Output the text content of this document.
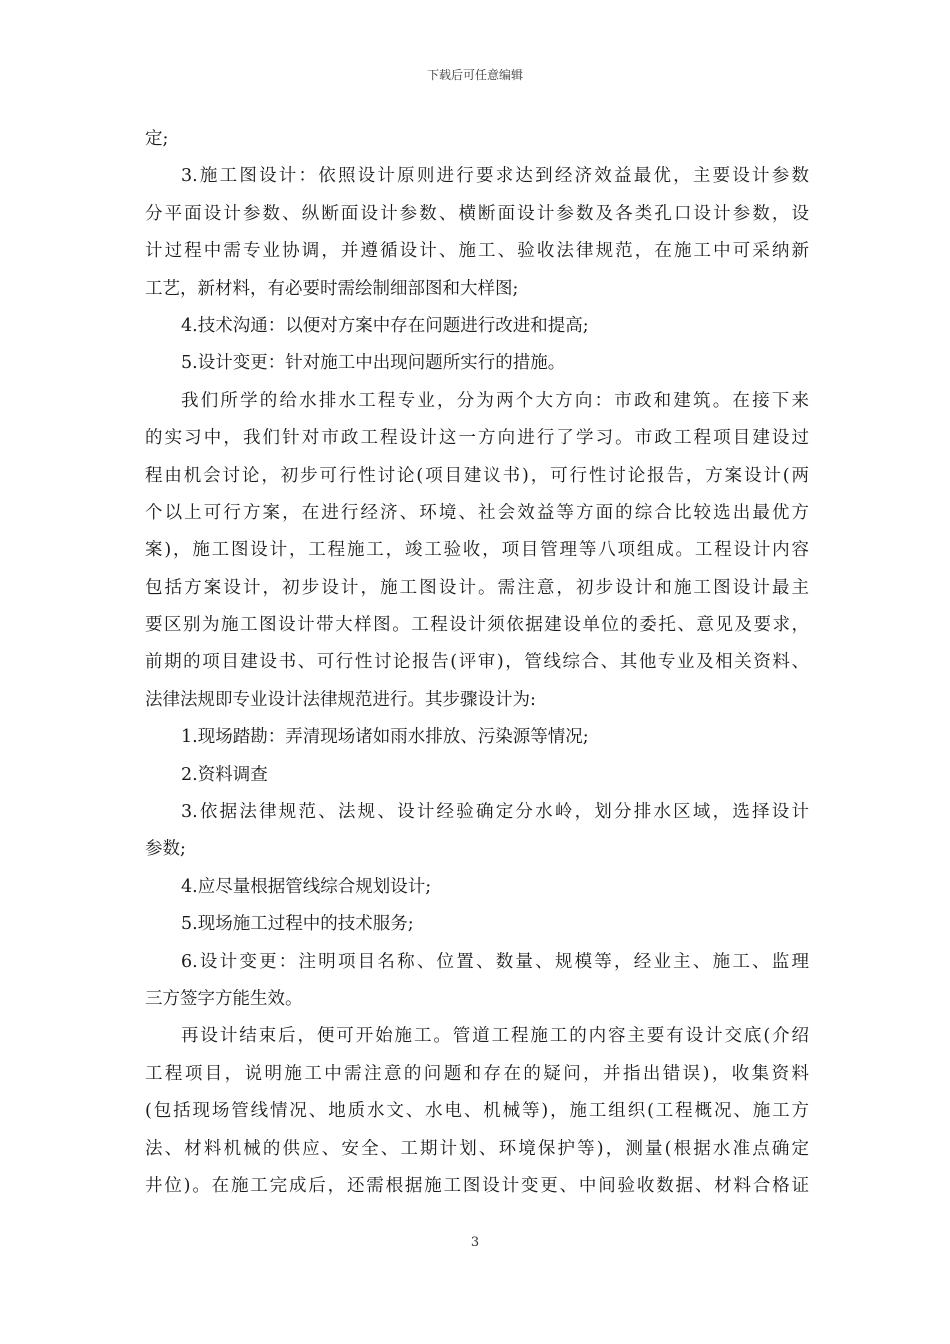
下载后可任意编辑
定;
3.施工图设计：依照设计原则进行要求达到经济效益最优，主要设计参数
分平面设计参数、纵断面设计参数、横断面设计参数及各类孔口设计参数，设
计过程中需专业协调，并遵循设计、施工、验收法律规范，在施工中可采纳新
工艺，新材料，有必要时需绘制细部图和大样图;
4.技术沟通：以便对方案中存在问题进行改进和提高;
5.设计变更：针对施工中出现问题所实行的措施。
我们所学的给水排水工程专业，分为两个大方向：市政和建筑。在接下来
的实习中，我们针对市政工程设计这一方向进行了学习。市政工程项目建设过
程由机会讨论，初步可行性讨论(项目建议书)，可行性讨论报告，方案设计(两
个以上可行方案，在进行经济、环境、社会效益等方面的综合比较选出最优方
案)，施工图设计，工程施工，竣工验收，项目管理等八项组成。工程设计内容
包括方案设计，初步设计，施工图设计。需注意，初步设计和施工图设计最主
要区别为施工图设计带大样图。工程设计须依据建设单位的委托、意见及要求，
前期的项目建设书、可行性讨论报告(评审)，管线综合、其他专业及相关资料、
法律法规即专业设计法律规范进行。其步骤设计为:
1.现场踏勘：弄清现场诸如雨水排放、污染源等情况;
2.资料调查
3.依据法律规范、法规、设计经验确定分水岭，划分排水区域，选择设计
参数;
4.应尽量根据管线综合规划设计;
5.现场施工过程中的技术服务;
6.设计变更：注明项目名称、位置、数量、规模等，经业主、施工、监理
三方签字方能生效。
再设计结束后，便可开始施工。管道工程施工的内容主要有设计交底(介绍
工程项目，说明施工中需注意的问题和存在的疑问，并指出错误)，收集资料
(包括现场管线情况、地质水文、水电、机械等)，施工组织(工程概况、施工方
法、材料机械的供应、安全、工期计划、环境保护等)，测量(根据水准点确定
井位)。在施工完成后，还需根据施工图设计变更、中间验收数据、材料合格证
3
